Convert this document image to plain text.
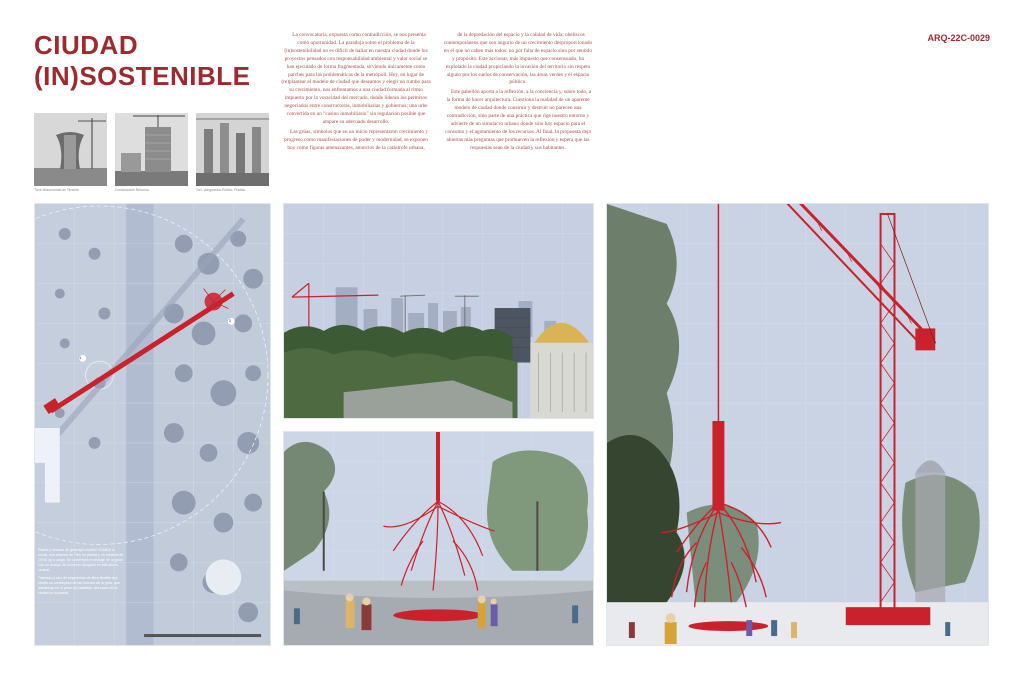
CIUDAD
(IN)SOSTENIBLE
ARQ-22C-0029
Torre Monumental de Tenerife	Construcción Reforma	Torr. Vanguardia-Pórtico, Puebla

La convocatoria, expuesta como contradicción, se nos presenta como oportunidad. La paradoja sobre el problema de la (in)sostenibilidad no es difícil de hallar en nuestra ciudad donde los proyectos pensados con responsabilidad ambiental y valor social se han ejecutado de forma fragmentada, sirviendo únicamente como parches para las problemáticas de la metrópoli. Hoy, en lugar de (re)plantear el modelo de ciudad que deseamos y elegir un rumbo para su crecimiento, nos enfrentamos a una ciudad formada al ritmo impuesto por la voracidad del mercado, donde lideran los permisos negociados entre constructoras, inmobiliarias y gobiernos; una urbe convertida en un "casino inmobiliario" sin regulación posible que ampare su adecuado desarrollo.

Las grúas, símbolos que en un inicio representaron crecimiento y progreso como manifestaciones de poder y modernidad, se exponen hoy como figuras amenazantes, anuncios de la catástrofe urbana,

de la depredación del espacio y la calidad de vida; obeliscos contemporáneos que son augurio de un crecimiento desproporcionado en el que no caben más todos: no por falta de espacio sino por sentido y propósito. Este accionar, más impuesto que consensuado, ha explotado la ciudad propiciando la invasión del territorio sin respeto alguno por los suelos de conservación, las áreas verdes y el espacio público.

Este pabellón aporta a la reflexión, a la conciencia y, sobre todo, a la forma de hacer arquitectura. Cuestiona la realidad de un aparente modelo de ciudad donde construir y destruir no parecen una contradicción, sino parte de una práctica que rige nuestro entorno y advierte de un simulacro urbano donde sólo hay espacio para el consumo y el agotamiento de los recursos. Al final, la propuesta deja abiertas más preguntas que promueven la reflexión y espera que las respuestas sean de la ciudad y sus habitantes.

1
2

Planta y sección de grúa tipo modelo 1CA818 la cruda, con alcance de 75m en planta y un máximo de 19/40 kg a carga. Se contempla el anclaje de la grúa con un arraigo de concreto ahogado en estructura central.

Tramado y raíz de segmentos de fibra flexible que emula un contrapeso de las fuerzas de la grúa, que disminuye en el peso del pabellón, del suelo de la ciudad en la planta.
